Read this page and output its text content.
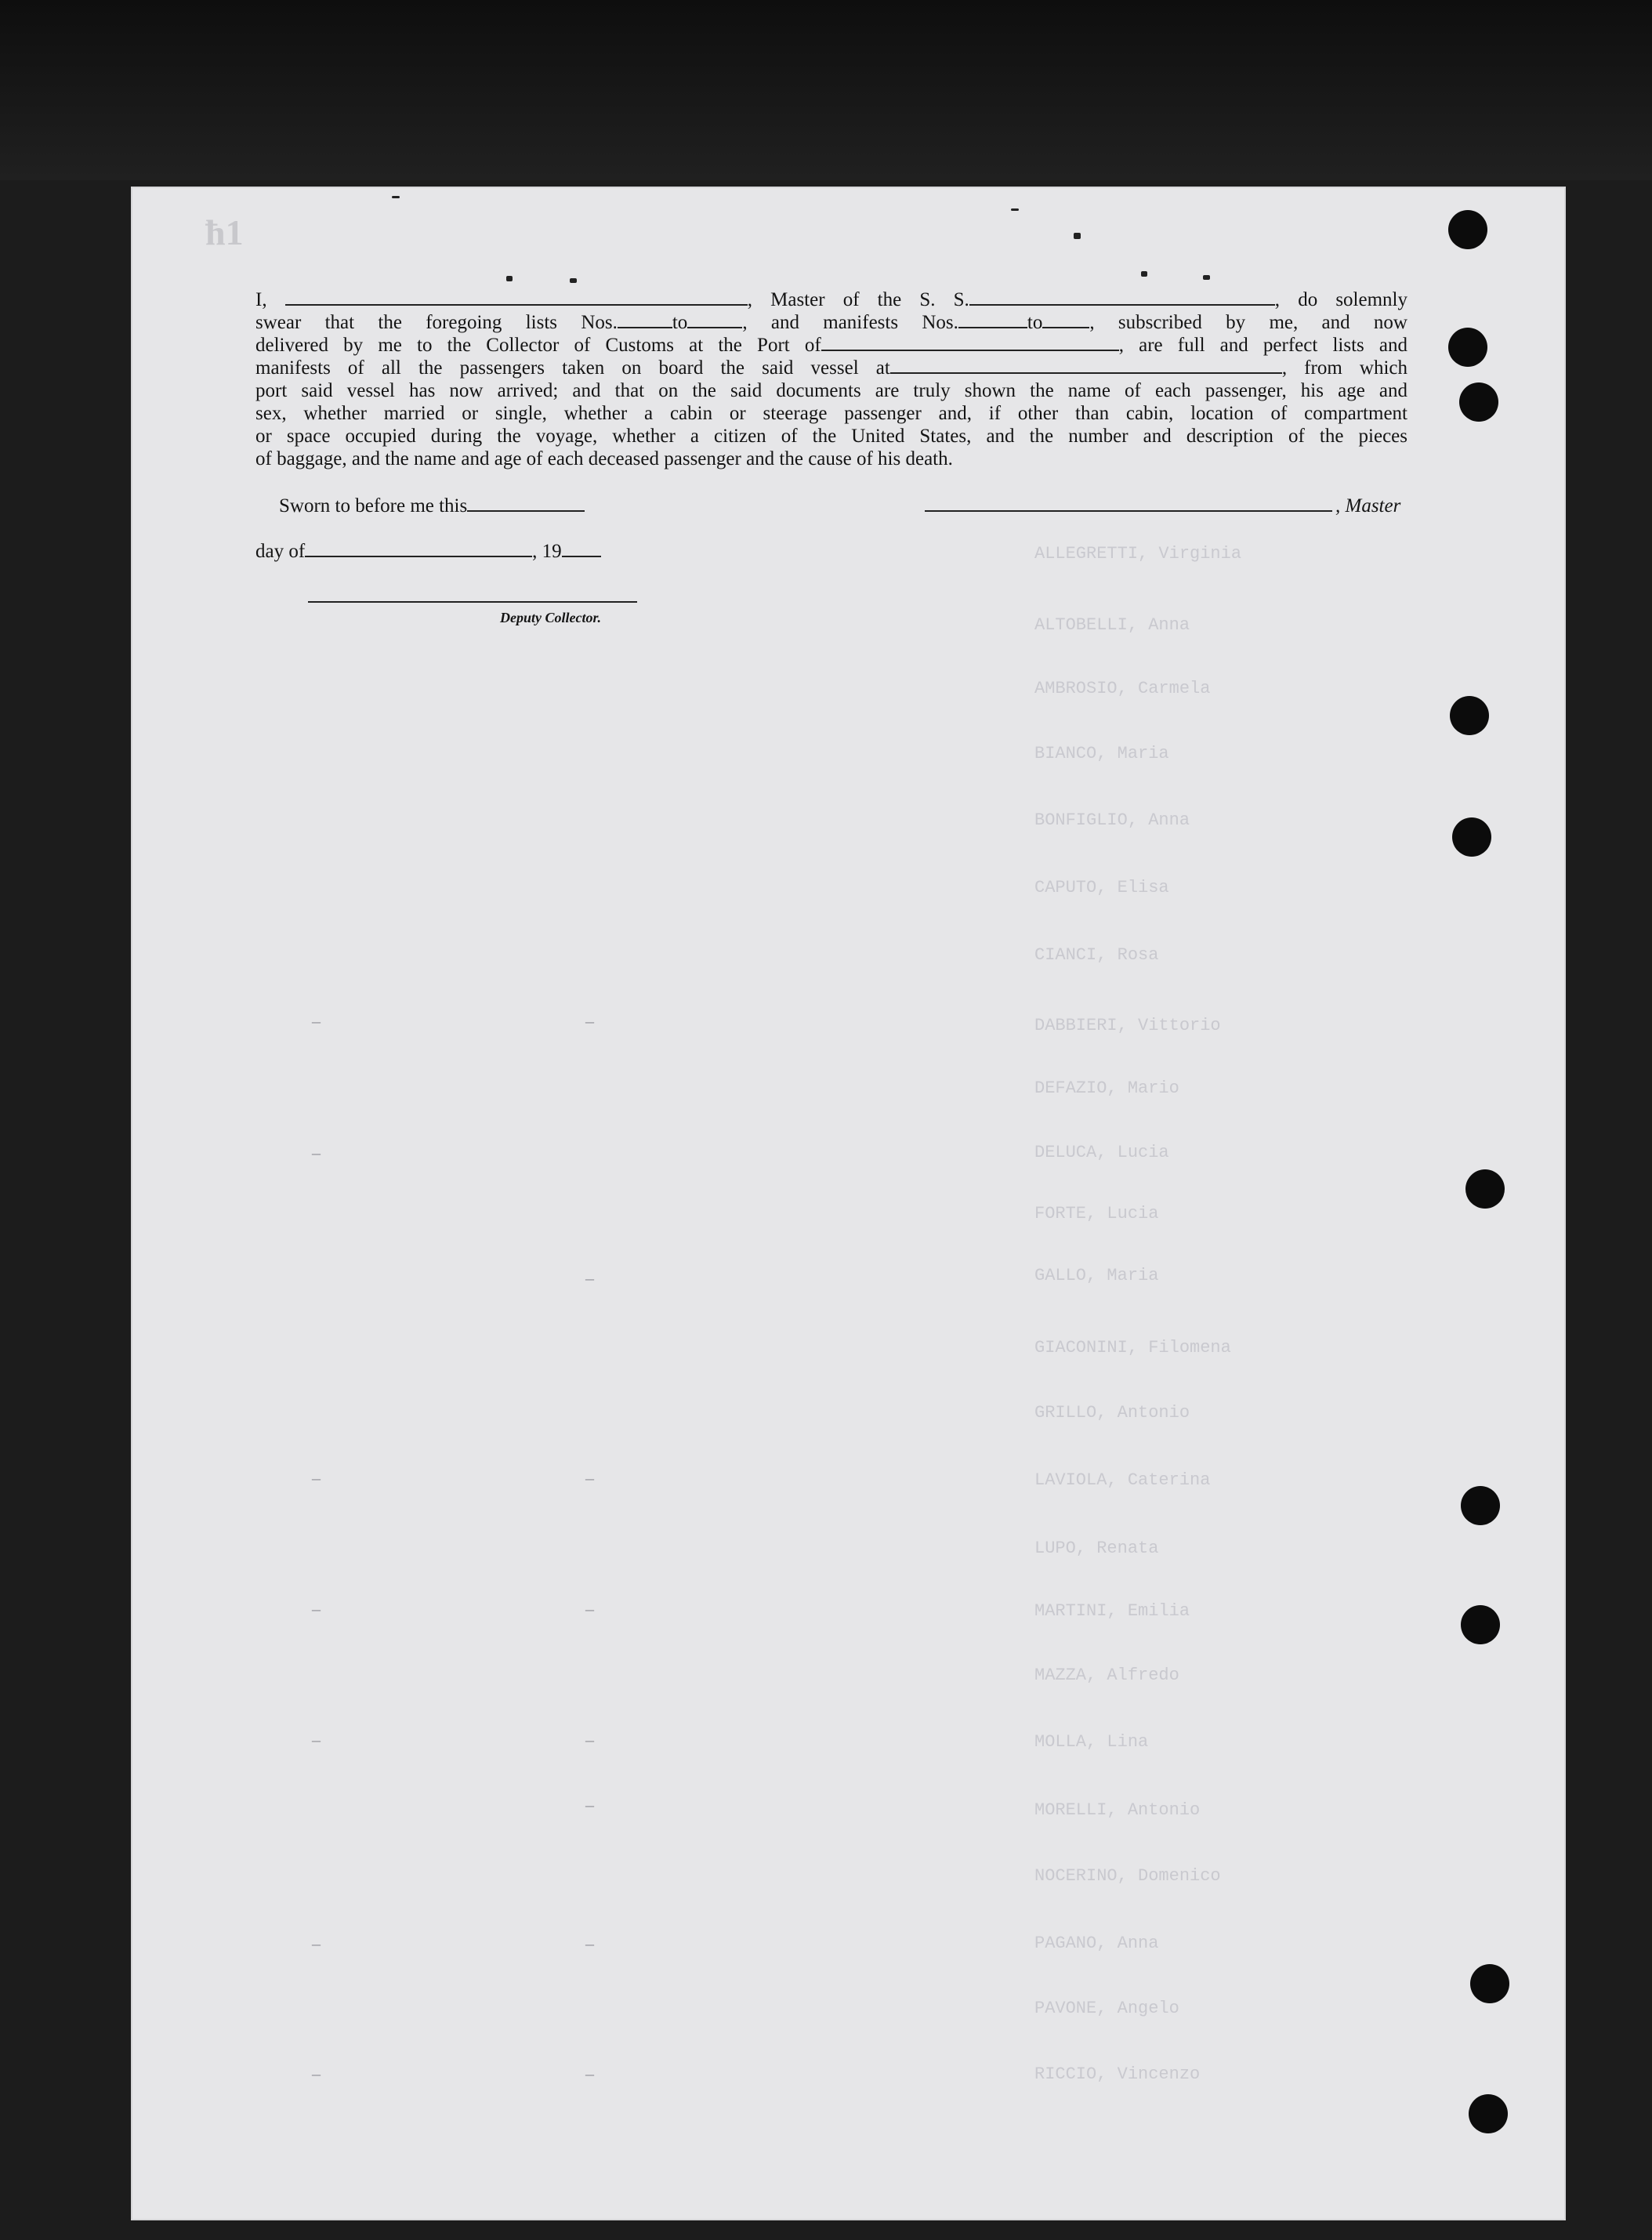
ħ1
ALLEGRETTI, Virginia
ALTOBELLI, Anna
AMBROSIO, Carmela
BIANCO, Maria
BONFIGLIO, Anna
CAPUTO, Elisa
CIANCI, Rosa
DABBIERI, Vittorio
DEFAZIO, Mario
DELUCA, Lucia
FORTE, Lucia
GALLO, Maria
GIACONINI, Filomena
GRILLO, Antonio
LAVIOLA, Caterina
LUPO, Renata
MARTINI, Emilia
MAZZA, Alfredo
MOLLA, Lina
MORELLI, Antonio
NOCERINO, Domenico
PAGANO, Anna
PAVONE, Angelo
RICCIO, Vincenzo
–	–
–
–
–	–
–	–
–	–
–
–	–
–	–
I,	, Master of the S. S.	, do solemnly
swear that the foregoing lists Nos.	to	, and manifests Nos.	to , subscribed by me, and now
delivered by me to the Collector of Customs at the Port of	, are full and perfect lists and
manifests of all the passengers taken on board the said vessel at	, from which
port said vessel has now arrived; and that on the said documents are truly shown the name of each passenger, his age and
sex, whether married or single, whether a cabin or steerage passenger and, if other than cabin, location of compartment
or space occupied during the voyage, whether a citizen of the United States, and the number and description of the pieces
of baggage, and the name and age of each deceased passenger and the cause of his death.
Sworn to before me this
day of	, 19
Deputy Collector.
, Master
